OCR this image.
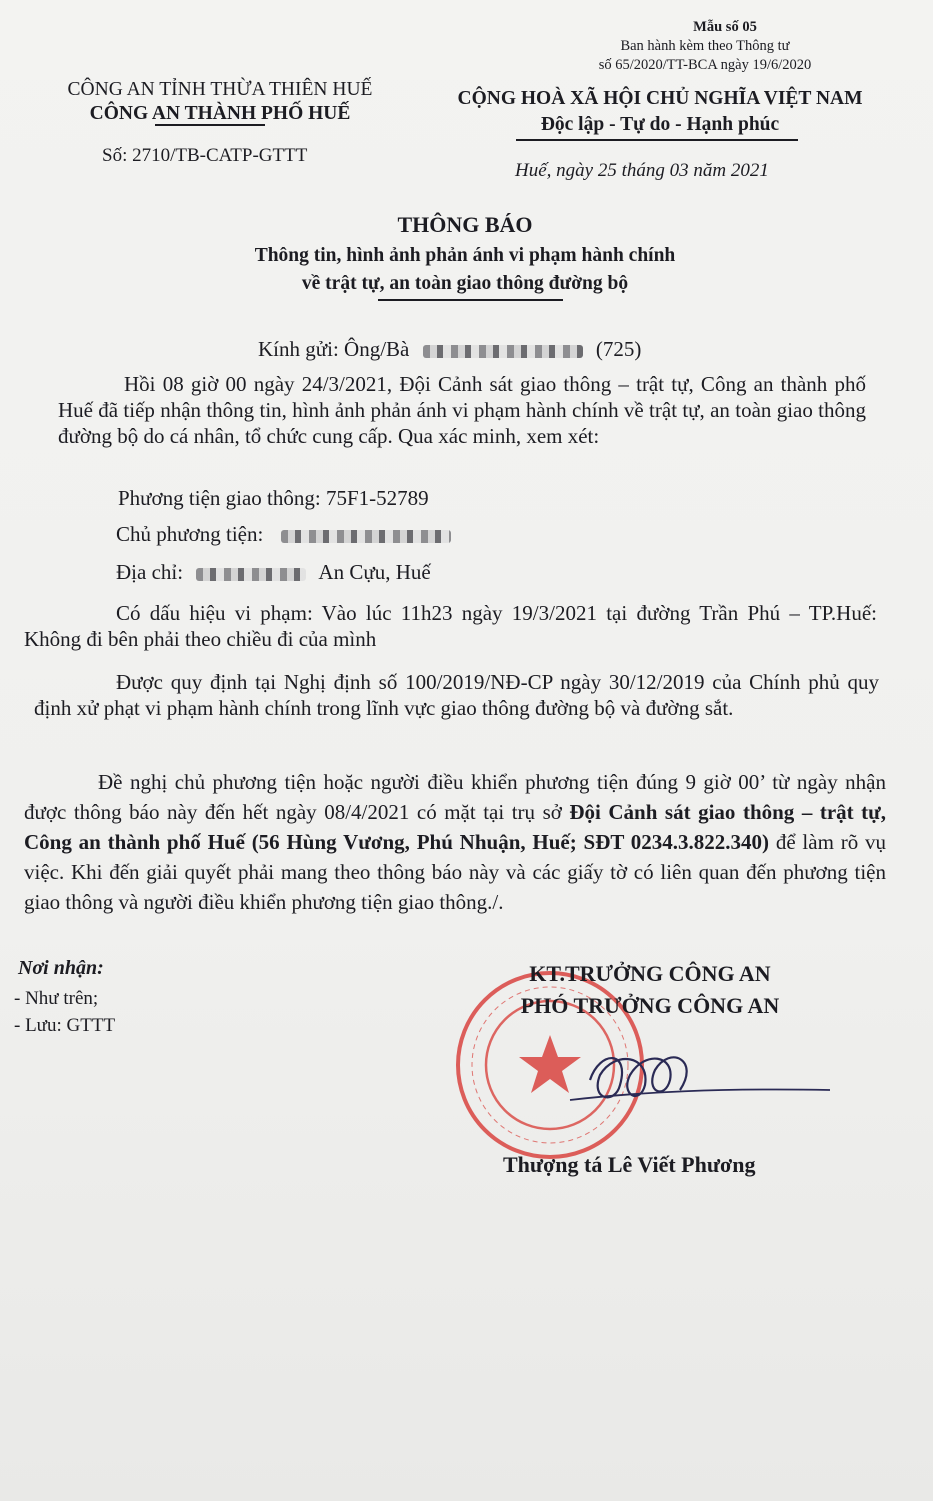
Mẫu số 05
Ban hành kèm theo Thông tư
số 65/2020/TT-BCA ngày 19/6/2020
CÔNG AN TỈNH THỪA THIÊN HUẾ
CÔNG AN THÀNH PHỐ HUẾ
Số: 2710/TB-CATP-GTTT
CỘNG HOÀ XÃ HỘI CHỦ NGHĨA VIỆT NAM
Độc lập - Tự do - Hạnh phúc
Huế, ngày 25 tháng 03 năm 2021
THÔNG BÁO
Thông tin, hình ảnh phản ánh vi phạm hành chính
về trật tự, an toàn giao thông đường bộ
Kính gửi: Ông/Bà	(725)
Hồi 08 giờ 00 ngày 24/3/2021, Đội Cảnh sát giao thông – trật tự, Công an thành phố Huế đã tiếp nhận thông tin, hình ảnh phản ánh vi phạm hành chính về trật tự, an toàn giao thông đường bộ do cá nhân, tổ chức cung cấp. Qua xác minh, xem xét:
Phương tiện giao thông: 75F1-52789
Chủ phương tiện:
Địa chỉ:	An Cựu, Huế
Có dấu hiệu vi phạm: Vào lúc 11h23 ngày 19/3/2021 tại đường Trần Phú – TP.Huế: Không đi bên phải theo chiều đi của mình
Được quy định tại Nghị định số 100/2019/NĐ-CP ngày 30/12/2019 của Chính phủ quy định xử phạt vi phạm hành chính trong lĩnh vực giao thông đường bộ và đường sắt.
Đề nghị chủ phương tiện hoặc người điều khiển phương tiện đúng 9 giờ 00’ từ ngày nhận được thông báo này đến hết ngày 08/4/2021 có mặt tại trụ sở Đội Cảnh sát giao thông – trật tự, Công an thành phố Huế (56 Hùng Vương, Phú Nhuận, Huế; SĐT 0234.3.822.340) để làm rõ vụ việc. Khi đến giải quyết phải mang theo thông báo này và các giấy tờ có liên quan đến phương tiện giao thông và người điều khiển phương tiện giao thông./.
Nơi nhận:
- Như trên;
- Lưu: GTTT
KT.TRƯỞNG CÔNG AN
PHÓ TRƯỞNG CÔNG AN
Thượng tá Lê Viết Phương
